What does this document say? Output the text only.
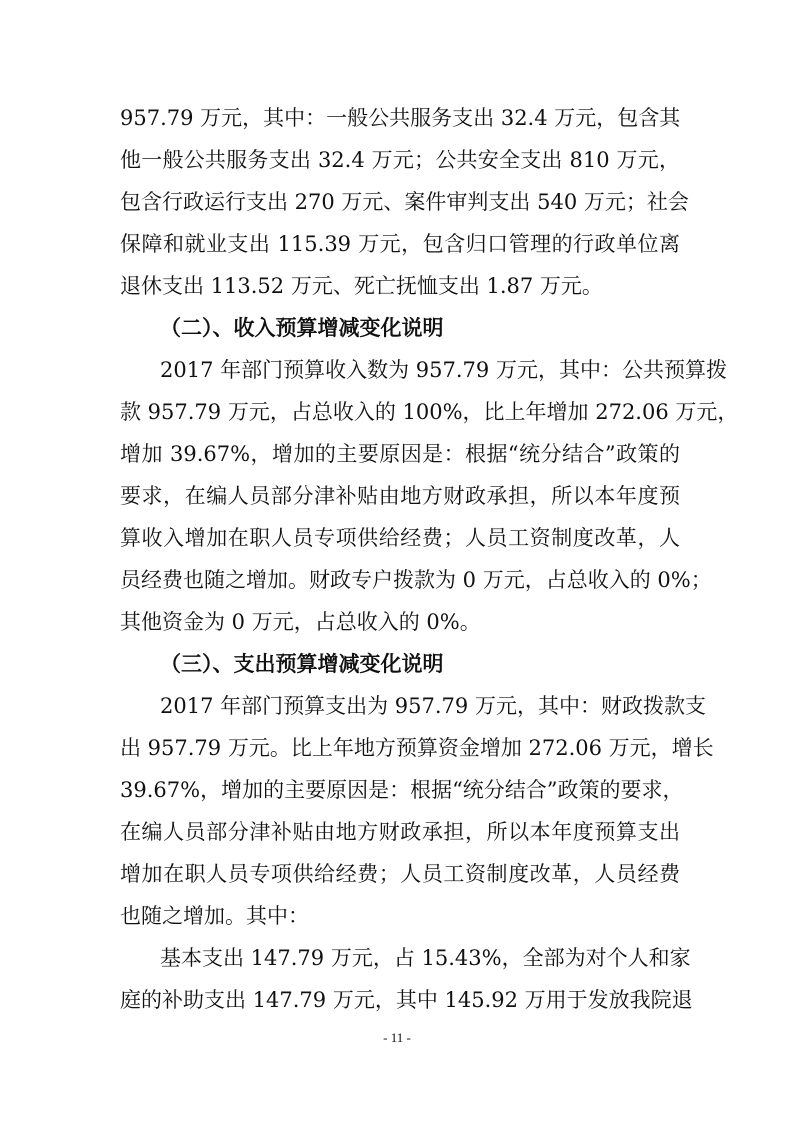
957.79 万元，其中：一般公共服务支出 32.4 万元，包含其
他一般公共服务支出 32.4 万元；公共安全支出 810 万元，
包含行政运行支出 270 万元、案件审判支出 540 万元；社会
保障和就业支出 115.39 万元，包含归口管理的行政单位离
退休支出 113.52 万元、死亡抚恤支出 1.87 万元。
（二）、收入预算增减变化说明
2017 年部门预算收入数为 957.79 万元，其中：公共预算拨
款 957.79 万元，占总收入的 100%，比上年增加 272.06 万元，
增加 39.67%，增加的主要原因是：根据“统分结合”政策的
要求，在编人员部分津补贴由地方财政承担，所以本年度预
算收入增加在职人员专项供给经费；人员工资制度改革，人
员经费也随之增加。财政专户拨款为 0 万元，占总收入的 0%；
其他资金为 0 万元，占总收入的 0%。
（三）、支出预算增减变化说明
2017 年部门预算支出为 957.79 万元，其中：财政拨款支
出 957.79 万元。比上年地方预算资金增加 272.06 万元，增长
39.67%，增加的主要原因是：根据“统分结合”政策的要求，
在编人员部分津补贴由地方财政承担，所以本年度预算支出
增加在职人员专项供给经费；人员工资制度改革，人员经费
也随之增加。其中：
基本支出 147.79 万元，占 15.43%，全部为对个人和家
庭的补助支出 147.79 万元，其中 145.92 万用于发放我院退
- 11 -
